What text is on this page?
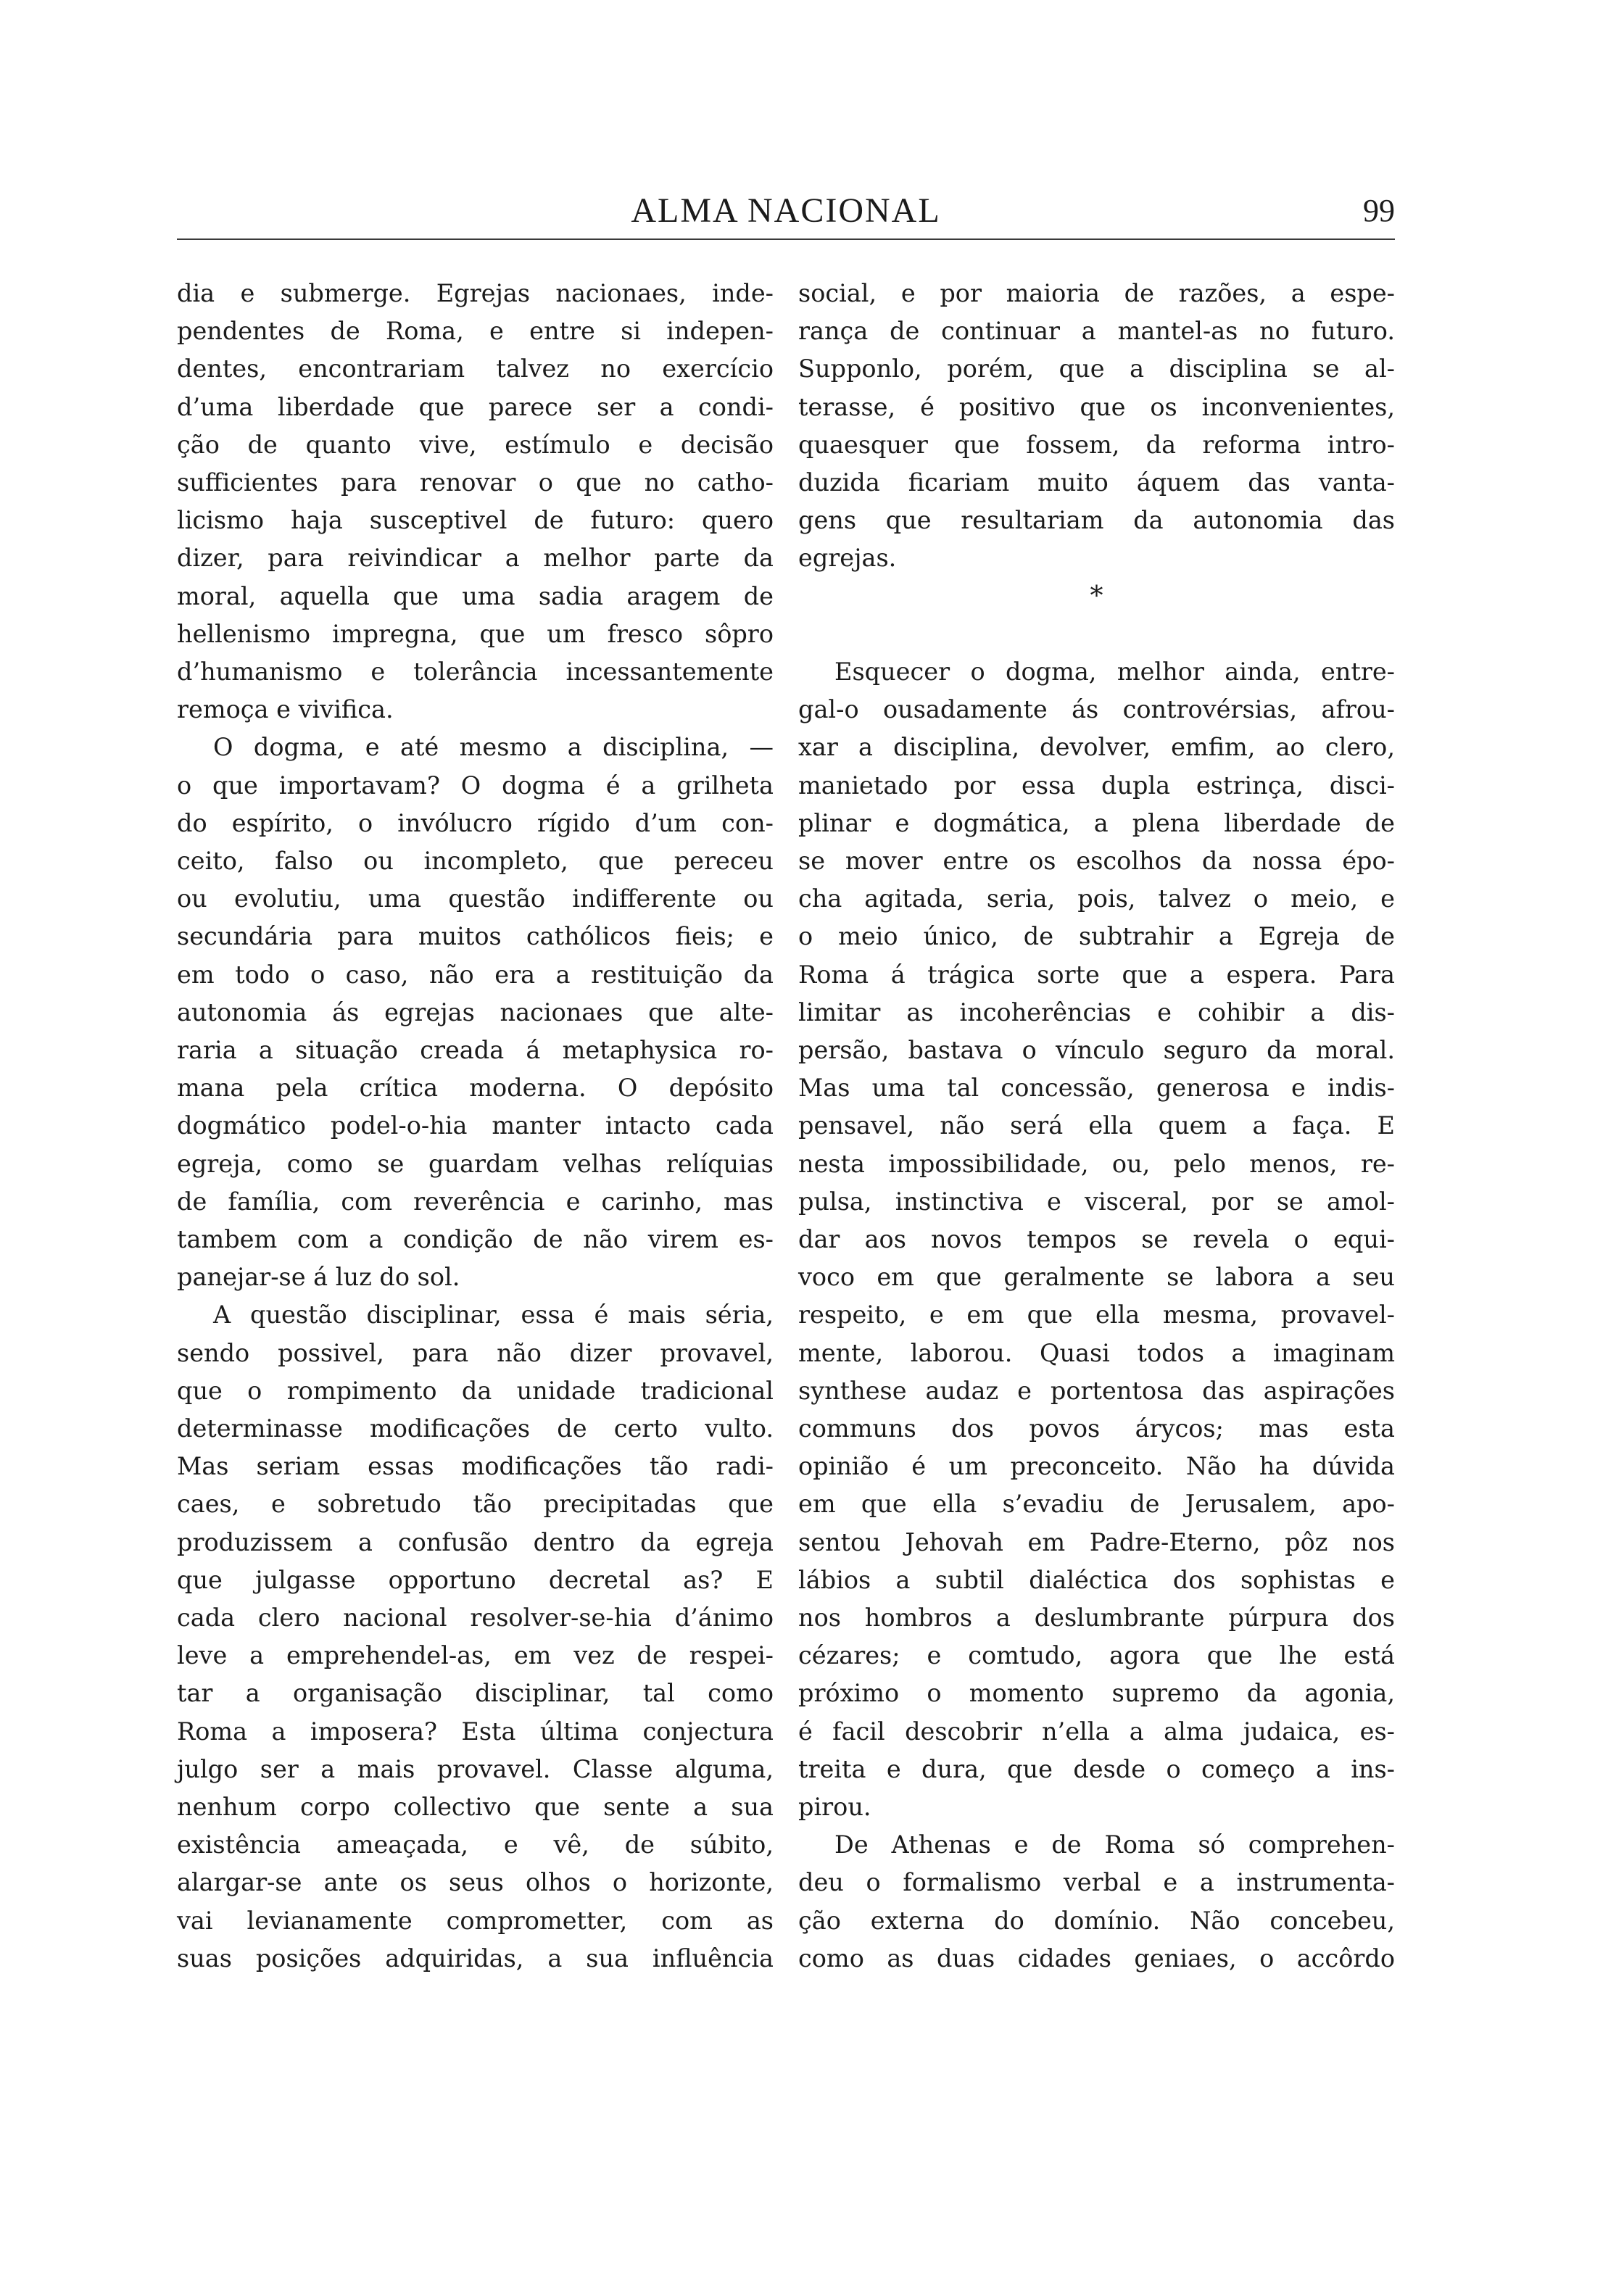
ALMA NACIONAL	99
dia e submerge. Egrejas nacionaes, inde-
pendentes de Roma, e entre si indepen-
dentes, encontrariam talvez no exercício
d’uma liberdade que parece ser a condi-
ção de quanto vive, estímulo e decisão
sufficientes para renovar o que no catho-
licismo haja susceptivel de futuro: quero
dizer, para reivindicar a melhor parte da
moral, aquella que uma sadia aragem de
hellenismo impregna, que um fresco sôpro
d’humanismo e tolerância incessantemente
remoça e vivifica.
O dogma, e até mesmo a disciplina, —
o que importavam? O dogma é a grilheta
do espírito, o invólucro rígido d’um con-
ceito, falso ou incompleto, que pereceu
ou evolutiu, uma questão indifferente ou
secundária para muitos cathólicos fieis; e
em todo o caso, não era a restituição da
autonomia ás egrejas nacionaes que alte-
raria a situação creada á metaphysica ro-
mana pela crítica moderna. O depósito
dogmático podel-o-hia manter intacto cada
egreja, como se guardam velhas relíquias
de família, com reverência e carinho, mas
tambem com a condição de não virem es-
panejar-se á luz do sol.
A questão disciplinar, essa é mais séria,
sendo possivel, para não dizer provavel,
que o rompimento da unidade tradicional
determinasse modificações de certo vulto.
Mas seriam essas modificações tão radi-
caes, e sobretudo tão precipitadas que
produzissem a confusão dentro da egreja
que julgasse opportuno decretal as? E
cada clero nacional resolver-se-hia d’ánimo
leve a emprehendel-as, em vez de respei-
tar a organisação disciplinar, tal como
Roma a imposera? Esta última conjectura
julgo ser a mais provavel. Classe alguma,
nenhum corpo collectivo que sente a sua
existência ameaçada, e vê, de súbito,
alargar-se ante os seus olhos o horizonte,
vai levianamente comprometter, com as
suas posições adquiridas, a sua influência
social, e por maioria de razões, a espe-
rança de continuar a mantel-as no futuro.
Supponlo, porém, que a disciplina se al-
terasse, é positivo que os inconvenientes,
quaesquer que fossem, da reforma intro-
duzida ficariam muito áquem das vanta-
gens que resultariam da autonomia das
egrejas.
*
Esquecer o dogma, melhor ainda, entre-
gal-o ousadamente ás controvérsias, afrou-
xar a disciplina, devolver, emfim, ao clero,
manietado por essa dupla estrinça, disci-
plinar e dogmática, a plena liberdade de
se mover entre os escolhos da nossa épo-
cha agitada, seria, pois, talvez o meio, e
o meio único, de subtrahir a Egreja de
Roma á trágica sorte que a espera. Para
limitar as incoherências e cohibir a dis-
persão, bastava o vínculo seguro da moral.
Mas uma tal concessão, generosa e indis-
pensavel, não será ella quem a faça. E
nesta impossibilidade, ou, pelo menos, re-
pulsa, instinctiva e visceral, por se amol-
dar aos novos tempos se revela o equi-
voco em que geralmente se labora a seu
respeito, e em que ella mesma, provavel-
mente, laborou. Quasi todos a imaginam
synthese audaz e portentosa das aspirações
communs dos povos árycos; mas esta
opinião é um preconceito. Não ha dúvida
em que ella s’evadiu de Jerusalem, apo-
sentou Jehovah em Padre-Eterno, pôz nos
lábios a subtil dialéctica dos sophistas e
nos hombros a deslumbrante púrpura dos
cézares; e comtudo, agora que lhe está
próximo o momento supremo da agonia,
é facil descobrir n’ella a alma judaica, es-
treita e dura, que desde o começo a ins-
pirou.
De Athenas e de Roma só comprehen-
deu o formalismo verbal e a instrumenta-
ção externa do domínio. Não concebeu,
como as duas cidades geniaes, o accôrdo
